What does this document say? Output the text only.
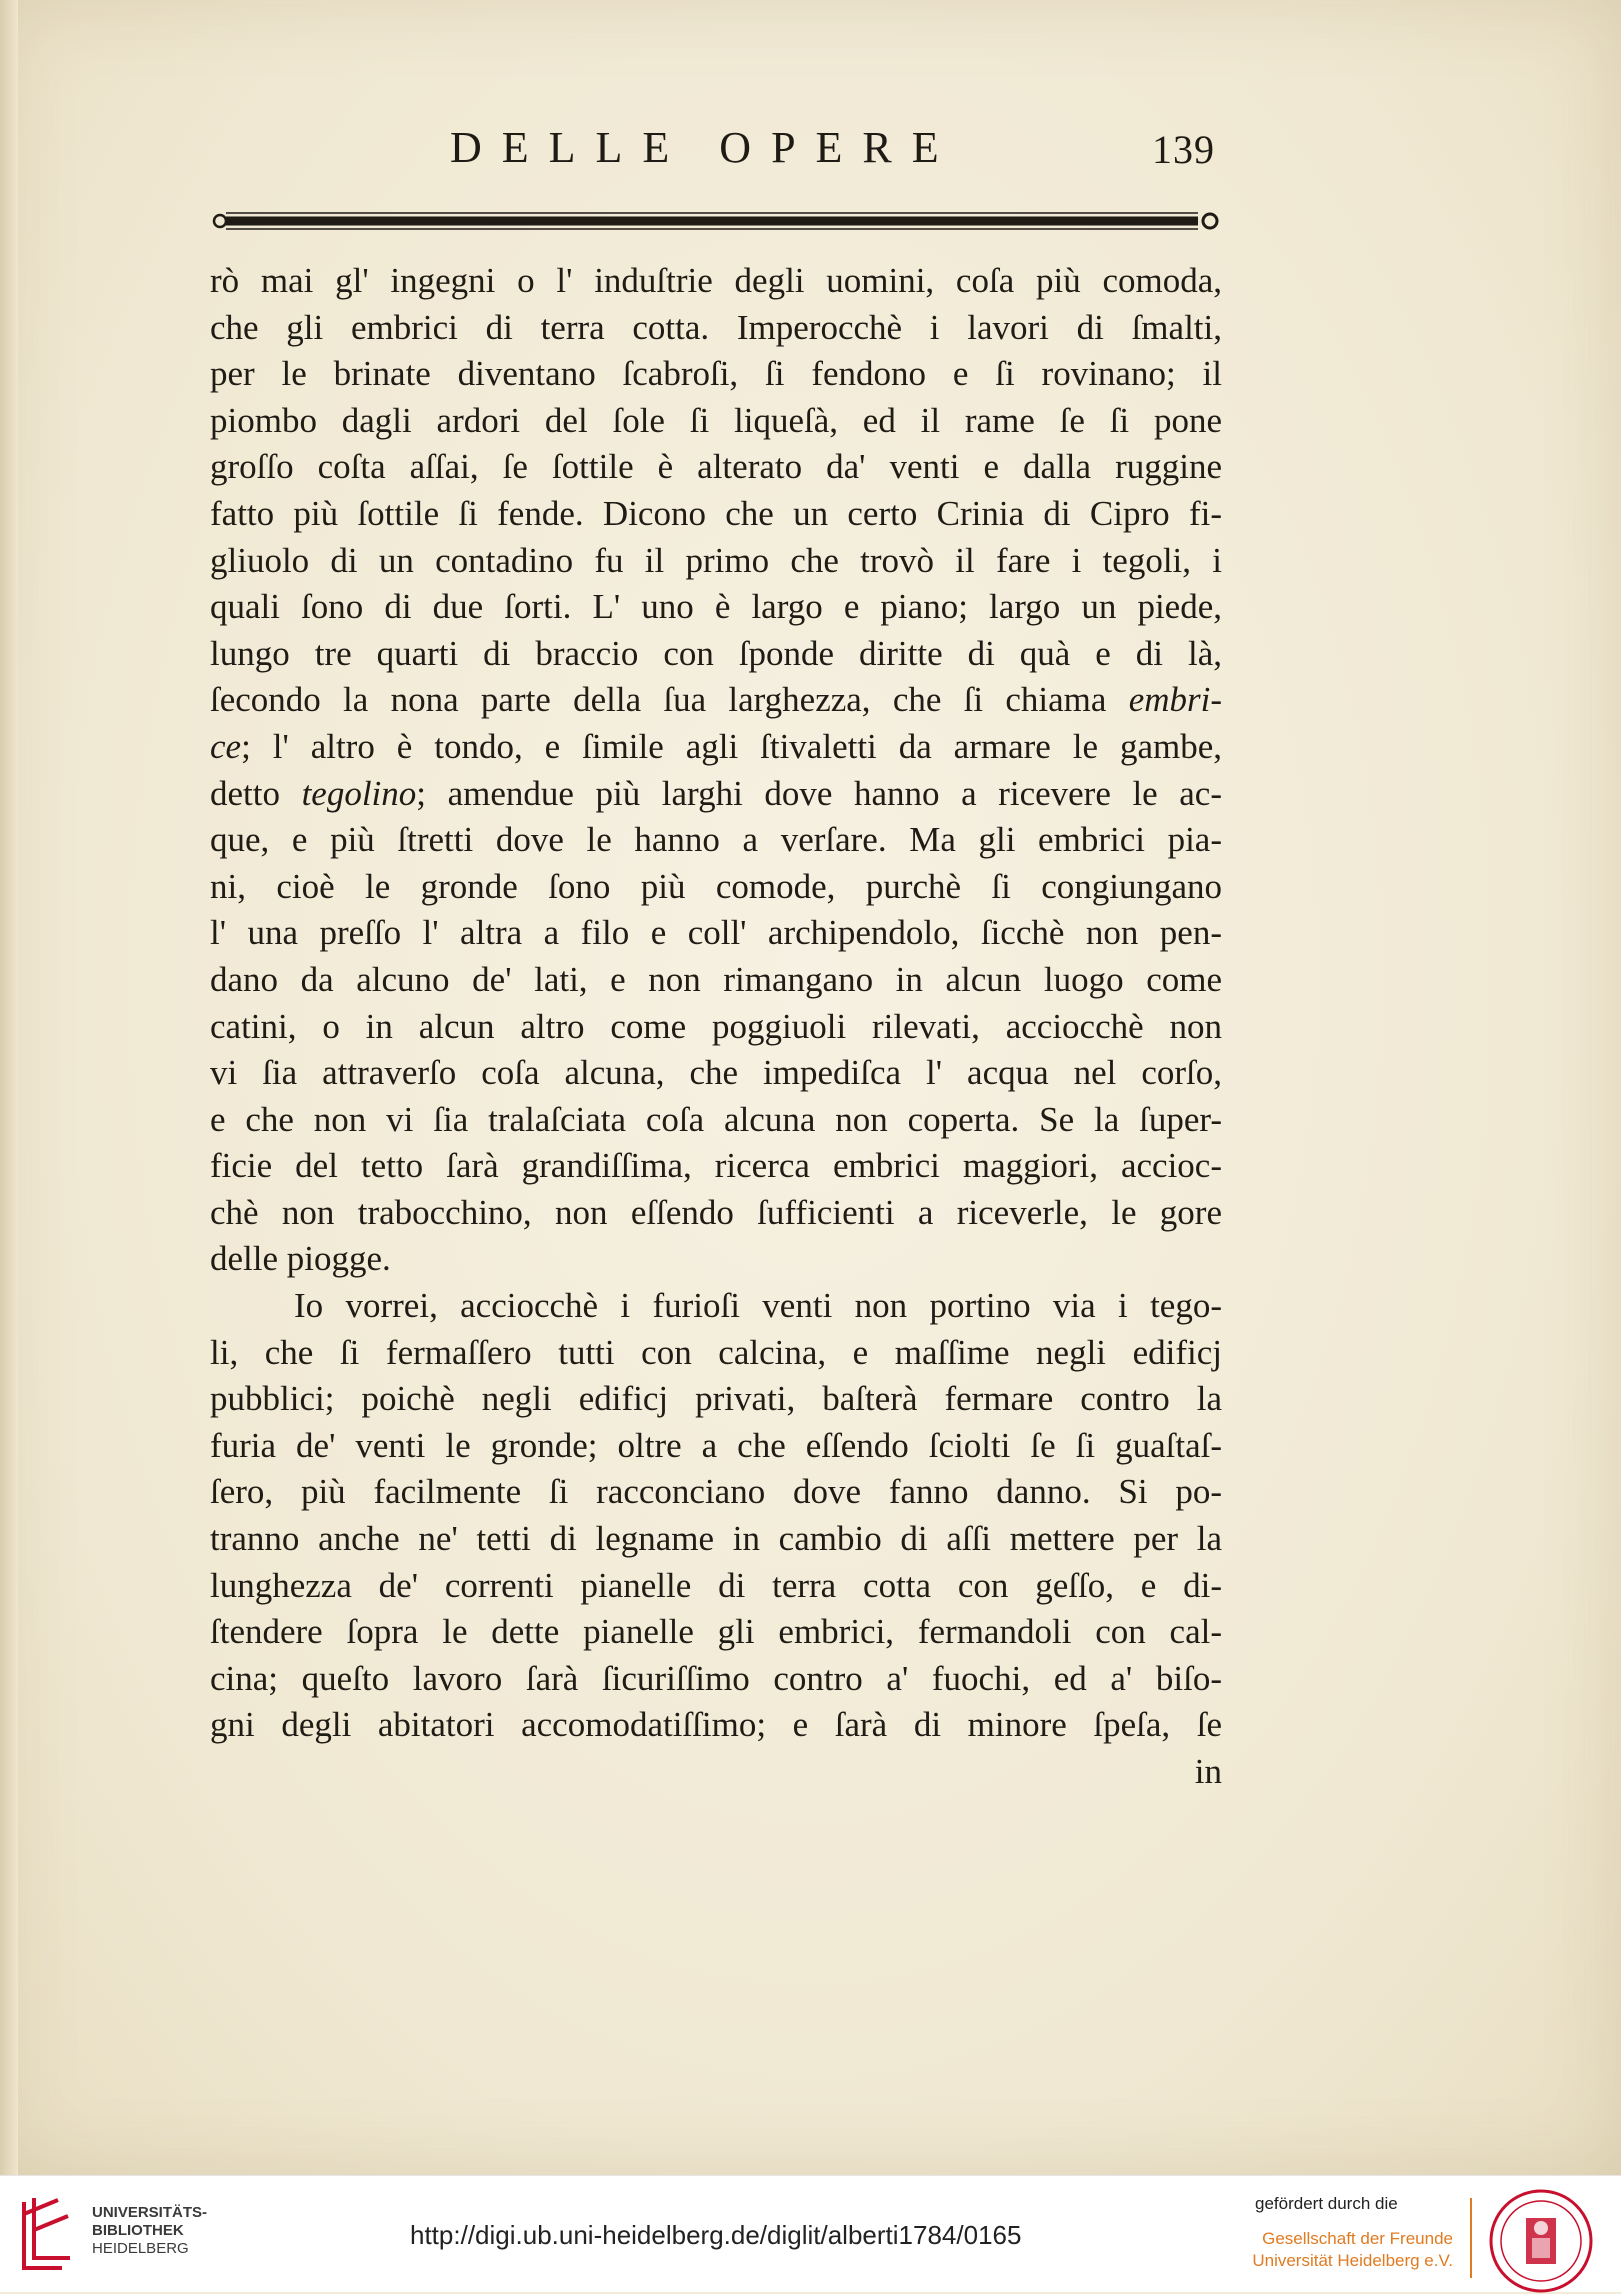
DELLE OPERE	139
rò mai gl' ingegni o l' induſtrie degli uomini, coſa più comoda,
che gli embrici di terra cotta. Imperocchè i lavori di ſmalti,
per le brinate diventano ſcabroſi, ſi fendono e ſi rovinano; il
piombo dagli ardori del ſole ſi liqueſà, ed il rame ſe ſi pone
groſſo coſta aſſai, ſe ſottile è alterato da' venti e dalla ruggine
fatto più ſottile ſi fende. Dicono che un certo Crinia di Cipro fi-
gliuolo di un contadino fu il primo che trovò il fare i tegoli, i
quali ſono di due ſorti. L' uno è largo e piano; largo un piede,
lungo tre quarti di braccio con ſponde diritte di quà e di là,
ſecondo la nona parte della ſua larghezza, che ſi chiama embri-
ce; l' altro è tondo, e ſimile agli ſtivaletti da armare le gambe,
detto tegolino; amendue più larghi dove hanno a ricevere le ac-
que, e più ſtretti dove le hanno a verſare. Ma gli embrici pia-
ni, cioè le gronde ſono più comode, purchè ſi congiungano
l' una preſſo l' altra a filo e coll' archipendolo, ſicchè non pen-
dano da alcuno de' lati, e non rimangano in alcun luogo come
catini, o in alcun altro come poggiuoli rilevati, acciocchè non
vi ſia attraverſo coſa alcuna, che impediſca l' acqua nel corſo,
e che non vi ſia tralaſciata coſa alcuna non coperta. Se la ſuper-
ficie del tetto ſarà grandiſſima, ricerca embrici maggiori, acciоc-
chè non trabocchino, non eſſendo ſufficienti a riceverle, le gore
delle piogge.
Io vorrei, acciocchè i furioſi venti non portino via i tego-
li, che ſi fermaſſero tutti con calcina, e maſſime negli edificj
pubblici; poichè negli edificj privati, baſterà fermare contro la
furia de' venti le gronde; oltre a che eſſendo ſciolti ſe ſi guaſtaſ-
ſero, più facilmente ſi racconciano dove fanno danno. Si po-
tranno anche ne' tetti di legname in cambio di aſſi mettere per la
lunghezza de' correnti pianelle di terra cotta con geſſo, e di-
ſtendere ſopra le dette pianelle gli embrici, fermandoli con cal-
cina; queſto lavoro ſarà ſicuriſſimo contro a' fuochi, ed a' biſo-
gni degli abitatori accomodatiſſimo; e ſarà di minore ſpeſa, ſe
in
UNIVERSITÄTS-
BIBLIOTHEK
HEIDELBERG	http://digi.ub.uni-heidelberg.de/diglit/alberti1784/0165
gefördert durch die
Gesellschaft der Freunde
Universität Heidelberg e.V.
